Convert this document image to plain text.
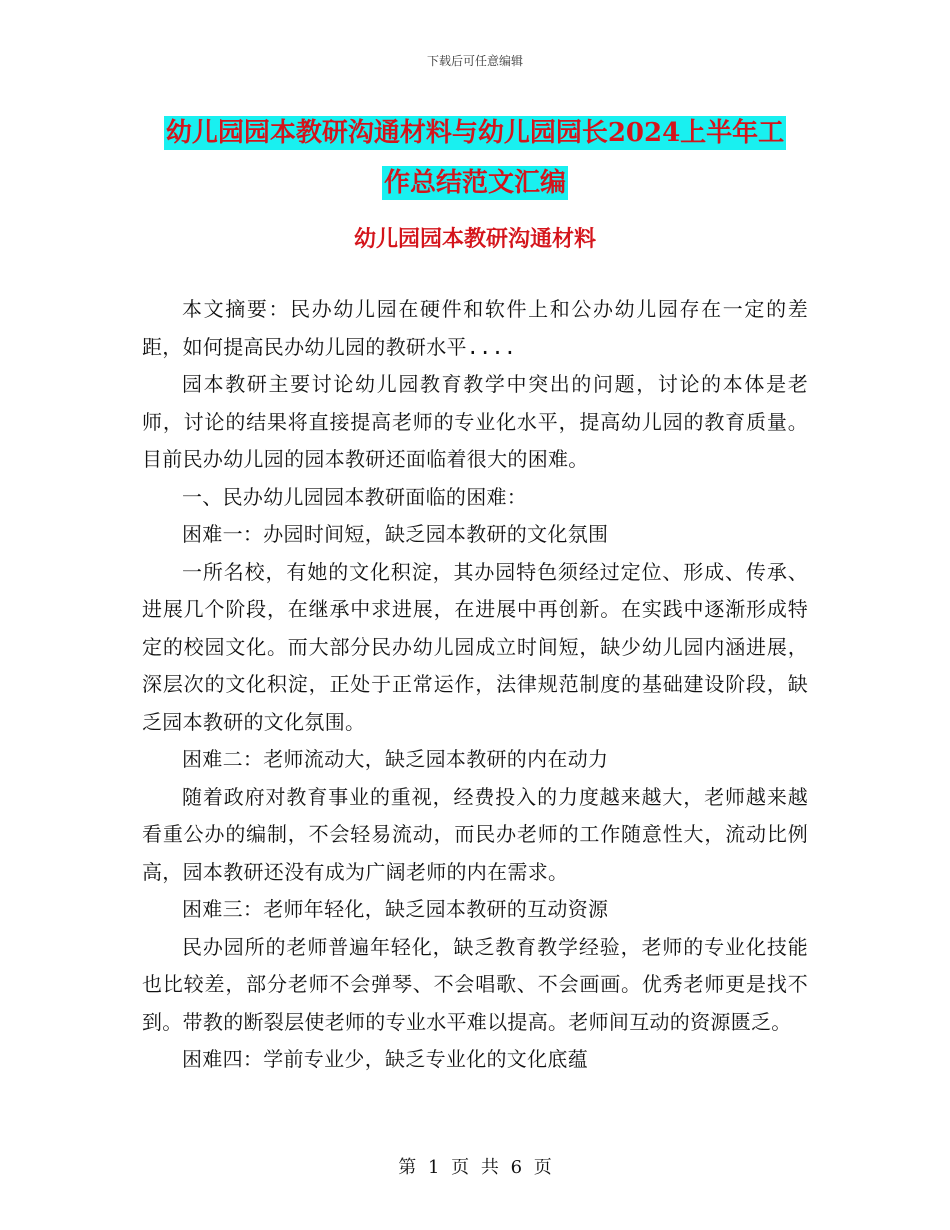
下载后可任意编辑
幼儿园园本教研沟通材料与幼儿园园长2024上半年工
作总结范文汇编
幼儿园园本教研沟通材料

本文摘要：民办幼儿园在硬件和软件上和公办幼儿园存在一定的差距，如何提高民办幼儿园的教研水平....

园本教研主要讨论幼儿园教育教学中突出的问题，讨论的本体是老师，讨论的结果将直接提高老师的专业化水平，提高幼儿园的教育质量。目前民办幼儿园的园本教研还面临着很大的困难。

一、民办幼儿园园本教研面临的困难：

困难一：办园时间短，缺乏园本教研的文化氛围

一所名校，有她的文化积淀，其办园特色须经过定位、形成、传承、进展几个阶段，在继承中求进展，在进展中再创新。在实践中逐渐形成特定的校园文化。而大部分民办幼儿园成立时间短，缺少幼儿园内涵进展，深层次的文化积淀，正处于正常运作，法律规范制度的基础建设阶段，缺乏园本教研的文化氛围。

困难二：老师流动大，缺乏园本教研的内在动力

随着政府对教育事业的重视，经费投入的力度越来越大，老师越来越看重公办的编制，不会轻易流动，而民办老师的工作随意性大，流动比例高，园本教研还没有成为广阔老师的内在需求。

困难三：老师年轻化，缺乏园本教研的互动资源

民办园所的老师普遍年轻化，缺乏教育教学经验，老师的专业化技能也比较差，部分老师不会弹琴、不会唱歌、不会画画。优秀老师更是找不到。带教的断裂层使老师的专业水平难以提高。老师间互动的资源匮乏。

困难四：学前专业少，缺乏专业化的文化底蕴

第 1 页 共 6 页
